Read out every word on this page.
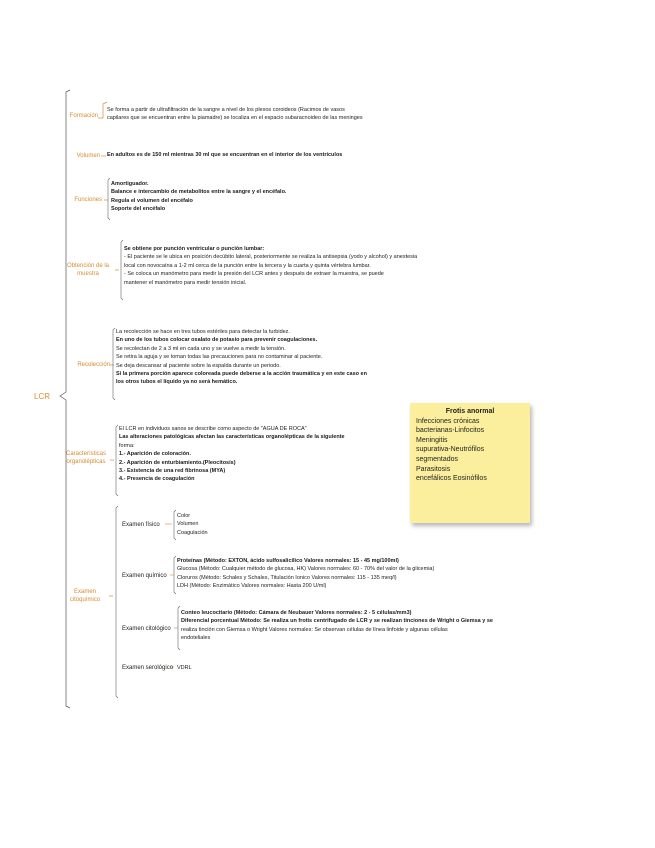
LCR
Formación
Se forma a partir de ultrafiltración de la sangre a nivel de los plexos coroideos (Racimos de vasos
capilares que se encuentran entre la piamadre) se localiza en el espacio subaracnoideo de las meninges
Volumen En adultos es de 150 ml mientras 30 ml que se encuentran en el interior de los ventrículos
Funciones
Amortiguador.
Balance e intercambio de metabolitos entre la sangre y el encéfalo.
Regula el volumen del encéfalo
Soporte del encéfalo
Obtención de la muestra
Se obtiene por punción ventricular o punción lumbar:
- El paciente se le ubica en posición decúbito lateral, posteriormente se realiza la antisepsia (yodo y alcohol) y anestesia
local con novocaína a 1-2 ml cerca de la punción entre la tercera y la cuarta y quinta vértebra lumbar.
- Se coloca un manómetro para medir la presión del LCR antes y después de extraer la muestra, se puede
mantener el manómetro para medir tensión inicial.
Recolección
La recolección se hace en tres tubos estériles para detectar la turbidez.
En uno de los tubos colocar oxalato de potasio para prevenir coagulaciones.
Se recolectan de 2 a 3 ml en cada uno y se vuelve a medir la tensión.
Se retira la aguja y se toman todas las precauciones para no contaminar al paciente.
Se deja descansar al paciente sobre la espalda durante un periodo.
Si la primera porción aparece coloreada puede deberse a la acción traumática y en este caso en
los otros tubos el líquido ya no será hemático.
Características organolépticas
El LCR en individuos sanos se describe como aspecto de "AGUA DE ROCA"
Las alteraciones patológicas afectan las características organolépticas de la siguiente
forma:
1.- Aparición de coloración.
2.- Aparición de enturbiamiento.(Pleocitosis)
3.- Existencia de una red fibrinosa (MYA)
4.- Presencia de coagulación
Examen citoquímico
Examen físico
Color
Volumen
Coagulación
Examen químico
Proteínas (Método: EXTON, ácido sulfosalicílico Valores normales: 15 - 45 mg/100ml)
Glucosa (Método: Cualquier método de glucosa, HK) Valores normales: 60 - 70% del valor de la glicemia)
Cloruros (Método: Schales y Schales, Titulación Ionico Valores normales: 115 - 135 meq/l)
LDH (Método: Enzimático Valores normales: Hasta 200 U/ml)
Examen citológico
Conteo leucocitario (Método: Cámara de Neubauer Valores normales: 2 - 5 células/mm3)
Diferencial porcentual Método: Se realiza un frotis centrifugado de LCR y se realizan tinciones de Wright o Giemsa y se
realiza tinción con Giemsa o Wright Valores normales: Se observan células de línea linfoide y algunas células
endoteliales
Examen serológico VDRL
Frotis anormal
Infecciones crónicas
bacterianas-Linfocitos
Meningitis
supurativa-Neutrófilos
segmentados
Parasitosis
encefálicos Eosinófilos
